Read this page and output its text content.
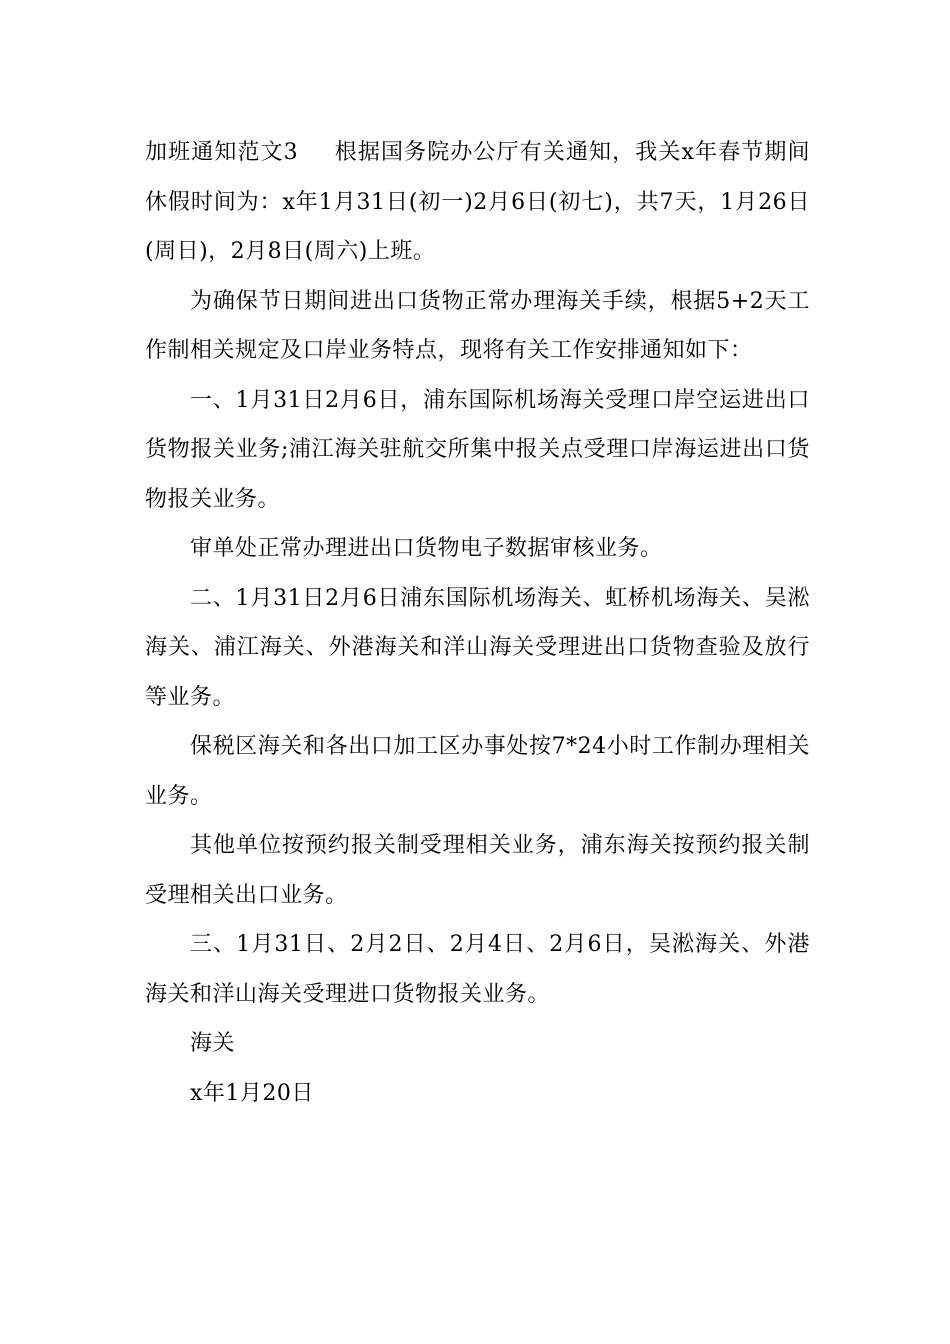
加班通知范文3 根据国务院办公厅有关通知，我关x年春节期间休假时间为：x年1月31日(初一)2月6日(初七)，共7天，1月26日(周日)，2月8日(周六)上班。

为确保节日期间进出口货物正常办理海关手续，根据5+2天工作制相关规定及口岸业务特点，现将有关工作安排通知如下：

一、1月31日2月6日，浦东国际机场海关受理口岸空运进出口货物报关业务;浦江海关驻航交所集中报关点受理口岸海运进出口货物报关业务。

审单处正常办理进出口货物电子数据审核业务。

二、1月31日2月6日浦东国际机场海关、虹桥机场海关、吴淞海关、浦江海关、外港海关和洋山海关受理进出口货物查验及放行等业务。

保税区海关和各出口加工区办事处按7*24小时工作制办理相关业务。

其他单位按预约报关制受理相关业务，浦东海关按预约报关制受理相关出口业务。

三、1月31日、2月2日、2月4日、2月6日，吴淞海关、外港海关和洋山海关受理进口货物报关业务。

海关

x年1月20日
